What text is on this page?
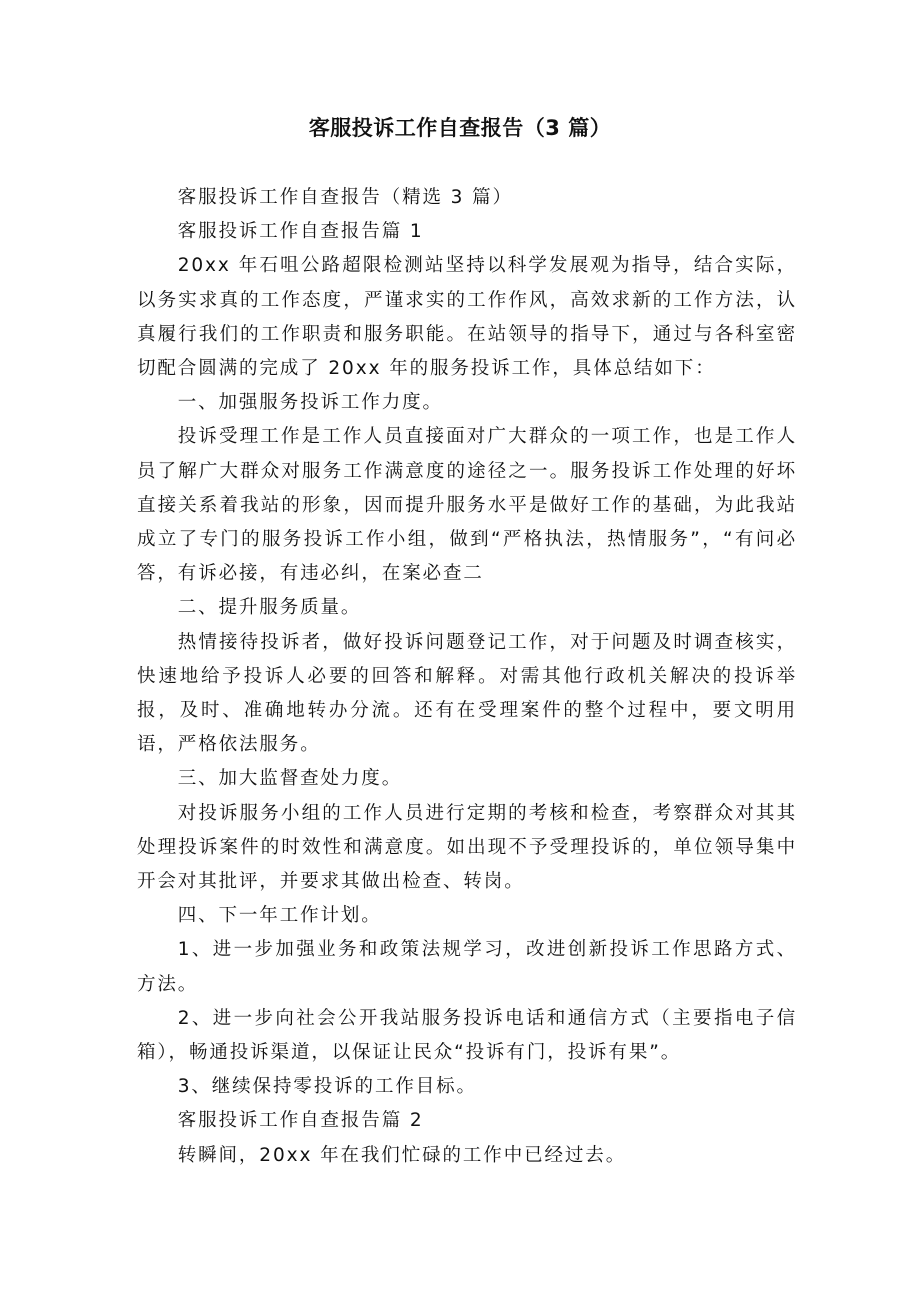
客服投诉工作自查报告（3 篇）

客服投诉工作自查报告（精选 3 篇）

客服投诉工作自查报告篇 1

20xx 年石咀公路超限检测站坚持以科学发展观为指导，结合实际，以务实求真的工作态度，严谨求实的工作作风，高效求新的工作方法，认真履行我们的工作职责和服务职能。在站领导的指导下，通过与各科室密切配合圆满的完成了 20xx 年的服务投诉工作，具体总结如下：

一、加强服务投诉工作力度。

投诉受理工作是工作人员直接面对广大群众的一项工作，也是工作人员了解广大群众对服务工作满意度的途径之一。服务投诉工作处理的好坏直接关系着我站的形象，因而提升服务水平是做好工作的基础，为此我站成立了专门的服务投诉工作小组，做到“严格执法，热情服务”，“有问必答，有诉必接，有违必纠，在案必查二

二、提升服务质量。

热情接待投诉者，做好投诉问题登记工作，对于问题及时调查核实，快速地给予投诉人必要的回答和解释。对需其他行政机关解决的投诉举报，及时、准确地转办分流。还有在受理案件的整个过程中，要文明用语，严格依法服务。

三、加大监督查处力度。

对投诉服务小组的工作人员进行定期的考核和检查，考察群众对其其处理投诉案件的时效性和满意度。如出现不予受理投诉的，单位领导集中开会对其批评，并要求其做出检查、转岗。

四、下一年工作计划。

1、进一步加强业务和政策法规学习，改进创新投诉工作思路方式、方法。

2、进一步向社会公开我站服务投诉电话和通信方式（主要指电子信箱），畅通投诉渠道，以保证让民众“投诉有门，投诉有果”。

3、继续保持零投诉的工作目标。

客服投诉工作自查报告篇 2

转瞬间，20xx 年在我们忙碌的工作中已经过去。
